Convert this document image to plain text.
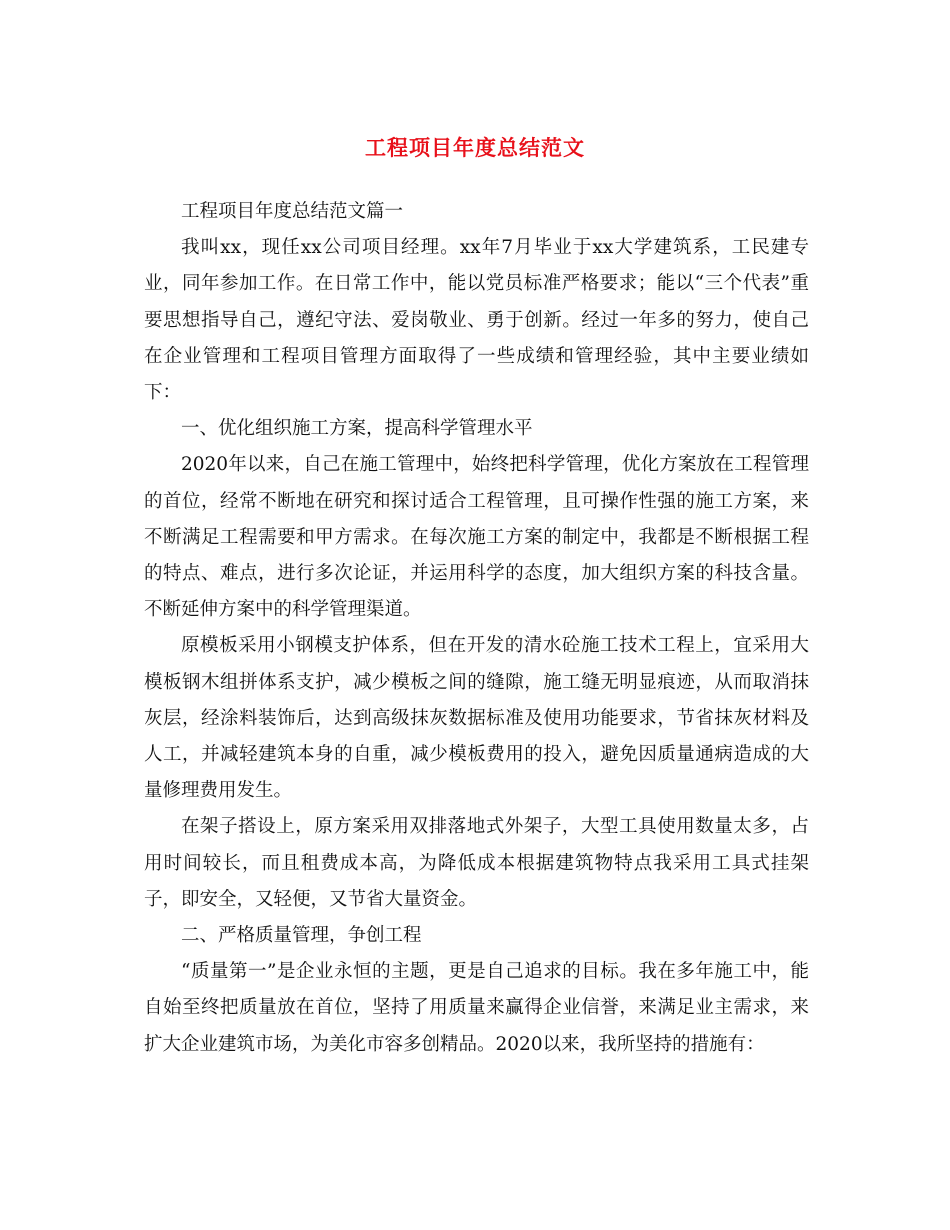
工程项目年度总结范文

工程项目年度总结范文篇一

我叫xx，现任xx公司项目经理。xx年7月毕业于xx大学建筑系，工民建专业，同年参加工作。在日常工作中，能以党员标准严格要求；能以“三个代表”重要思想指导自己，遵纪守法、爱岗敬业、勇于创新。经过一年多的努力，使自己在企业管理和工程项目管理方面取得了一些成绩和管理经验，其中主要业绩如下：

一、优化组织施工方案，提高科学管理水平

2020年以来，自己在施工管理中，始终把科学管理，优化方案放在工程管理的首位，经常不断地在研究和探讨适合工程管理，且可操作性强的施工方案，来不断满足工程需要和甲方需求。在每次施工方案的制定中，我都是不断根据工程的特点、难点，进行多次论证，并运用科学的态度，加大组织方案的科技含量。不断延伸方案中的科学管理渠道。

原模板采用小钢模支护体系，但在开发的清水砼施工技术工程上，宜采用大模板钢木组拼体系支护，减少模板之间的缝隙，施工缝无明显痕迹，从而取消抹灰层，经涂料装饰后，达到高级抹灰数据标准及使用功能要求，节省抹灰材料及人工，并减轻建筑本身的自重，减少模板费用的投入，避免因质量通病造成的大量修理费用发生。

在架子搭设上，原方案采用双排落地式外架子，大型工具使用数量太多，占用时间较长，而且租费成本高，为降低成本根据建筑物特点我采用工具式挂架子，即安全，又轻便，又节省大量资金。

二、严格质量管理，争创工程

“质量第一”是企业永恒的主题，更是自己追求的目标。我在多年施工中，能自始至终把质量放在首位，坚持了用质量来赢得企业信誉，来满足业主需求，来扩大企业建筑市场，为美化市容多创精品。2020以来，我所坚持的措施有：
